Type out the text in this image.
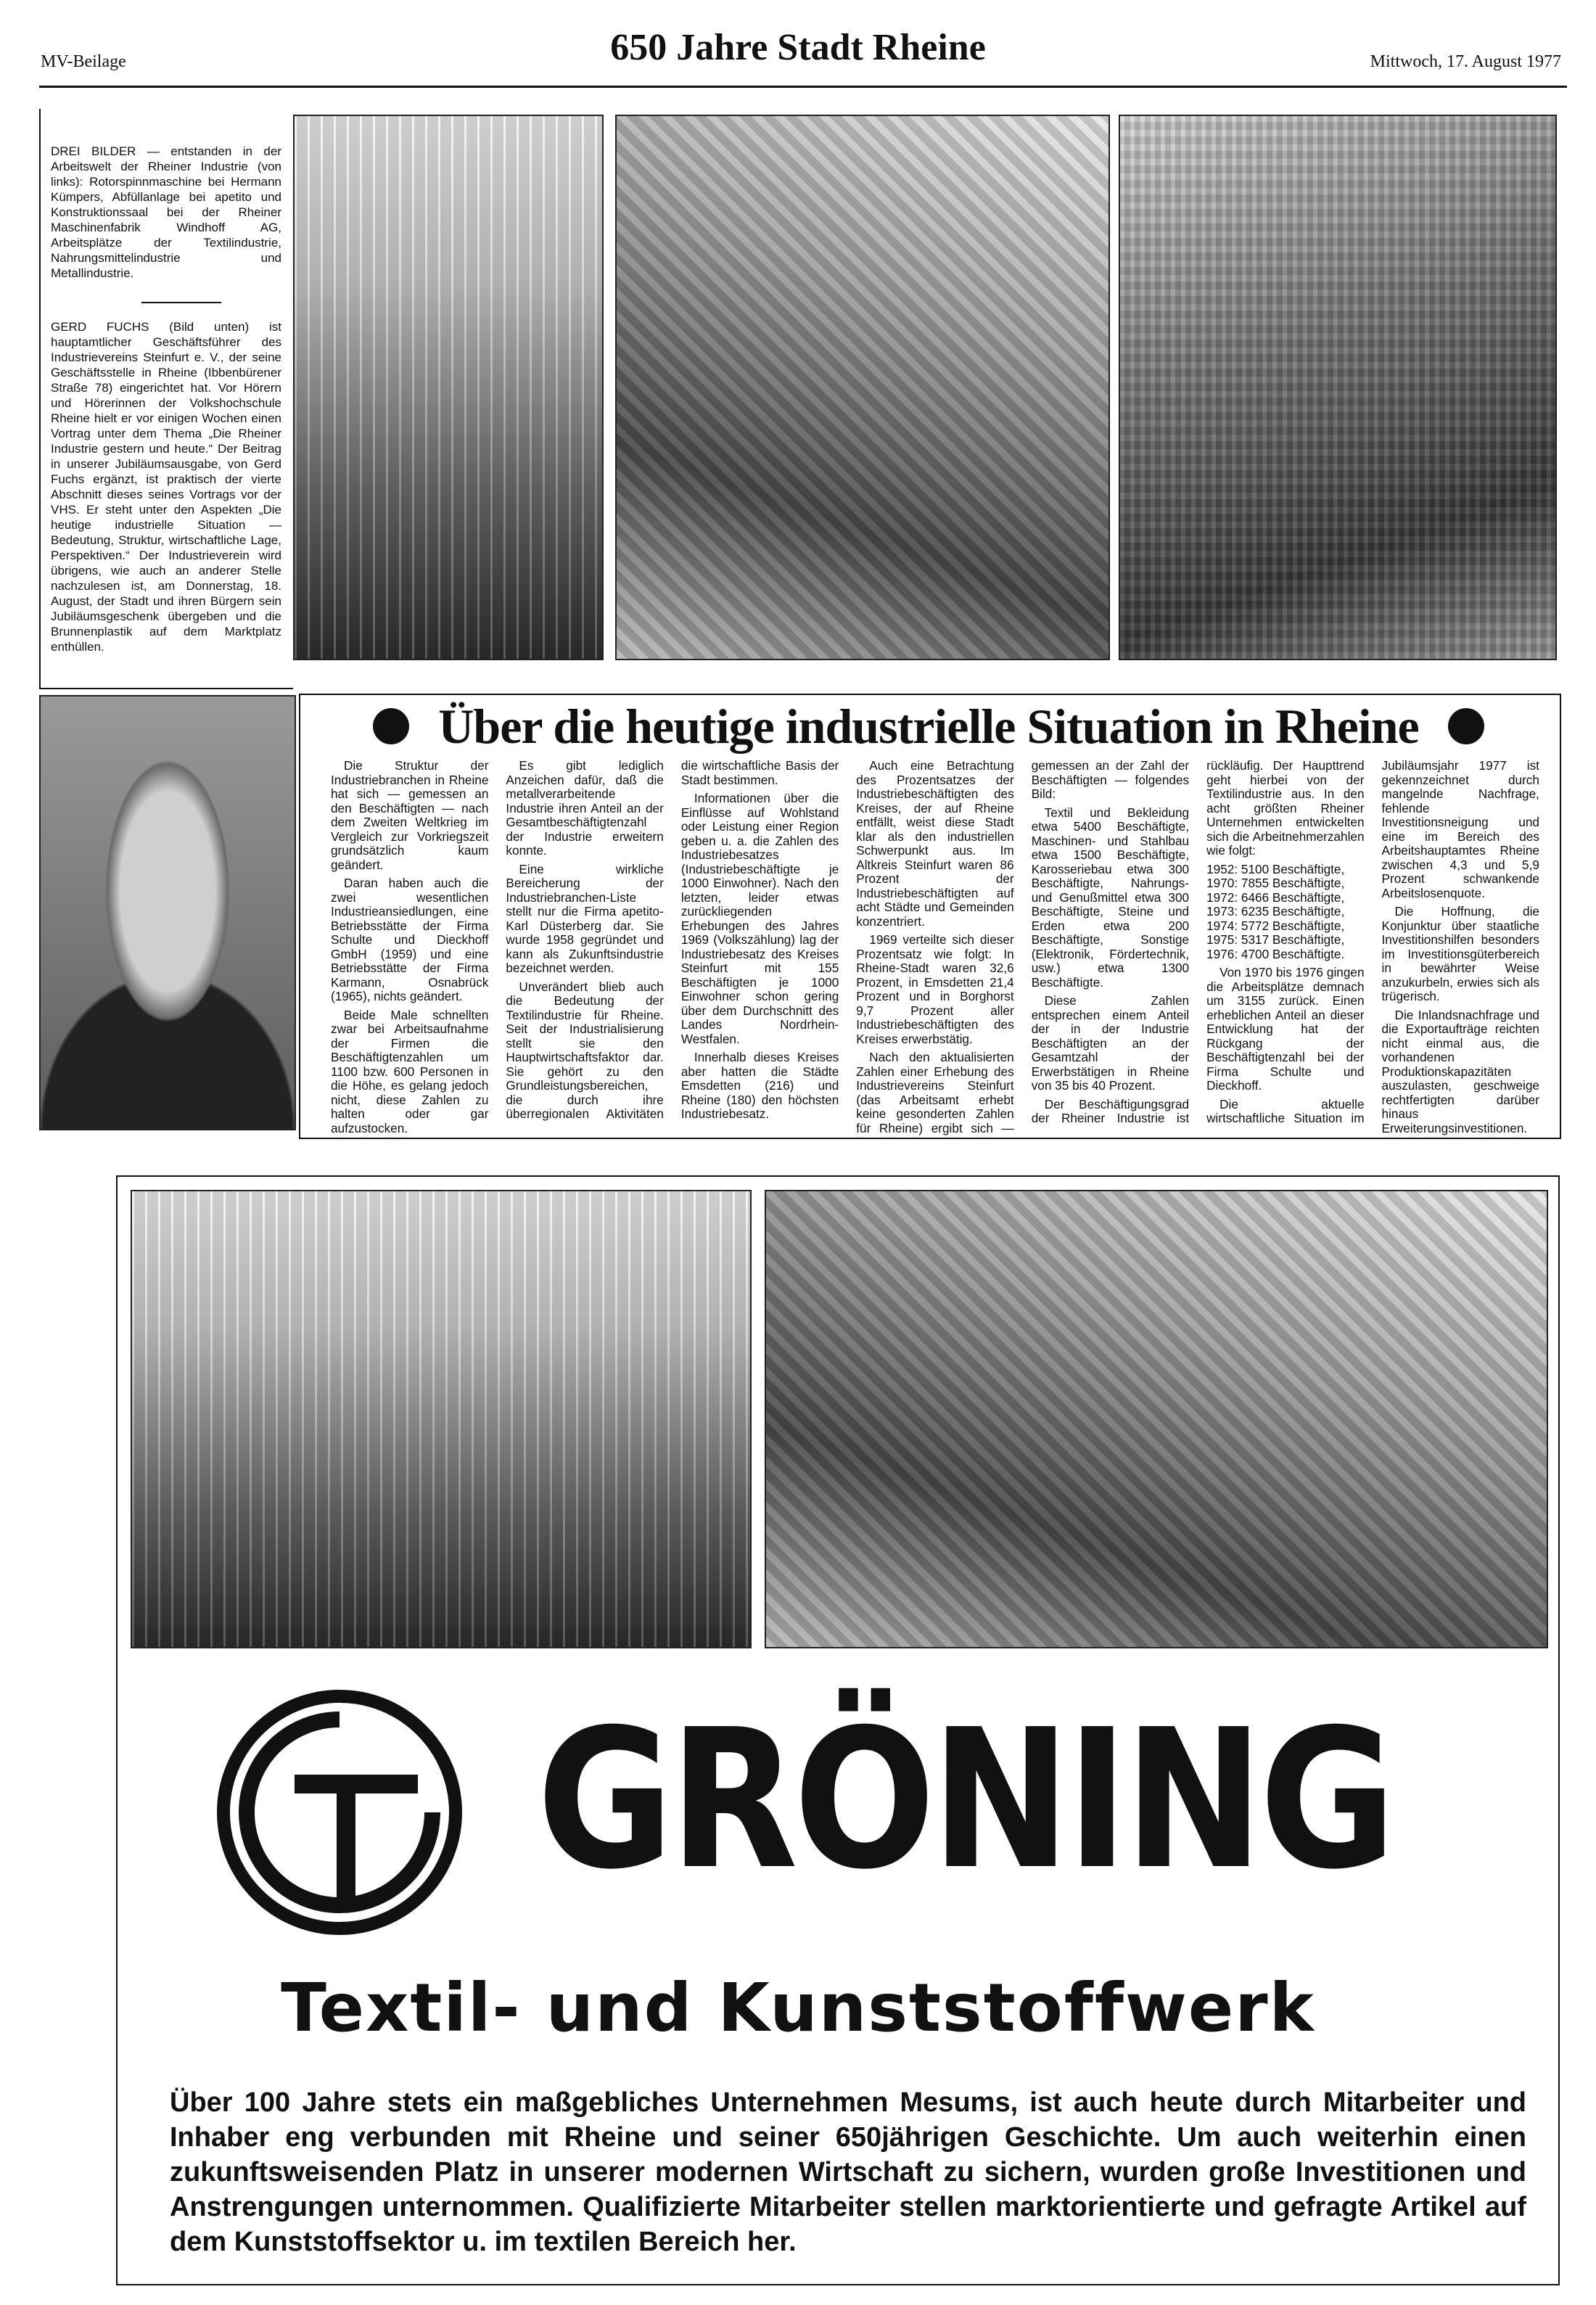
MV-Beilage	650 Jahre Stadt Rheine	Mittwoch, 17. August 1977

DREI BILDER — entstanden in der Arbeitswelt der Rheiner Industrie (von links): Rotorspinnmaschine bei Hermann Kümpers, Abfüllanlage bei apetito und Konstruktionssaal bei der Rheiner Maschinenfabrik Windhoff AG, Arbeitsplätze der Textilindustrie, Nahrungsmittelindustrie und Metallindustrie.

GERD FUCHS (Bild unten) ist hauptamtlicher Geschäftsführer des Industrievereins Steinfurt e. V., der seine Geschäftsstelle in Rheine (Ibbenbürener Straße 78) eingerichtet hat. Vor Hörern und Hörerinnen der Volkshochschule Rheine hielt er vor einigen Wochen einen Vortrag unter dem Thema „Die Rheiner Industrie gestern und heute.“ Der Beitrag in unserer Jubiläumsausgabe, von Gerd Fuchs ergänzt, ist praktisch der vierte Abschnitt dieses seines Vortrags vor der VHS. Er steht unter den Aspekten „Die heutige industrielle Situation — Bedeutung, Struktur, wirtschaftliche Lage, Perspektiven.“ Der Industrieverein wird übrigens, wie auch an anderer Stelle nachzulesen ist, am Donnerstag, 18. August, der Stadt und ihren Bürgern sein Jubiläumsgeschenk übergeben und die Brunnenplastik auf dem Marktplatz enthüllen.

Über die heutige industrielle Situation in Rheine

Die Struktur der Industriebranchen in Rheine hat sich — gemessen an den Beschäftigten — nach dem Zweiten Weltkrieg im Vergleich zur Vorkriegszeit grundsätzlich kaum geändert.

Daran haben auch die zwei wesentlichen Industrieansiedlungen, eine Betriebsstätte der Firma Schulte und Dieckhoff GmbH (1959) und eine Betriebsstätte der Firma Karmann, Osnabrück (1965), nichts geändert.

Beide Male schnellten zwar bei Arbeitsaufnahme der Firmen die Beschäftigtenzahlen um 1100 bzw. 600 Personen in die Höhe, es gelang jedoch nicht, diese Zahlen zu halten oder gar aufzustocken.

Es gibt lediglich Anzeichen dafür, daß die metallverarbeitende Industrie ihren Anteil an der Gesamtbeschäftigtenzahl der Industrie erweitern konnte.

Eine wirkliche Bereicherung der Industriebranchen-Liste stellt nur die Firma apetito-Karl Düsterberg dar. Sie wurde 1958 gegründet und kann als Zukunftsindustrie bezeichnet werden.

Unverändert blieb auch die Bedeutung der Textilindustrie für Rheine. Seit der Industrialisierung stellt sie den Hauptwirtschaftsfaktor dar. Sie gehört zu den Grundleistungsbereichen, die durch ihre überregionalen Aktivitäten die wirtschaftliche Basis der Stadt bestimmen.

Informationen über die Einflüsse auf Wohlstand oder Leistung einer Region geben u. a. die Zahlen des Industriebesatzes (Industriebeschäftigte je 1000 Einwohner). Nach den letzten, leider etwas zurückliegenden Erhebungen des Jahres 1969 (Volkszählung) lag der Industriebesatz des Kreises Steinfurt mit 155 Beschäftigten je 1000 Einwohner schon gering über dem Durchschnitt des Landes Nordrhein-Westfalen.

Innerhalb dieses Kreises aber hatten die Städte Emsdetten (216) und Rheine (180) den höchsten Industriebesatz.

Auch eine Betrachtung des Prozentsatzes der Industriebeschäftigten des Kreises, der auf Rheine entfällt, weist diese Stadt klar als den industriellen Schwerpunkt aus. Im Altkreis Steinfurt waren 86 Prozent der Industriebeschäftigten auf acht Städte und Gemeinden konzentriert.

1969 verteilte sich dieser Prozentsatz wie folgt: In Rheine-Stadt waren 32,6 Prozent, in Emsdetten 21,4 Prozent und in Borghorst 9,7 Prozent aller Industriebeschäftigten des Kreises erwerbstätig.

Nach den aktualisierten Zahlen einer Erhebung des Industrievereins Steinfurt (das Arbeitsamt erhebt keine gesonderten Zahlen für Rheine) ergibt sich — gemessen an der Zahl der Beschäftigten — folgendes Bild:

Textil und Bekleidung etwa 5400 Beschäftigte, Maschinen- und Stahlbau etwa 1500 Beschäftigte, Karosseriebau etwa 300 Beschäftigte, Nahrungs- und Genußmittel etwa 300 Beschäftigte, Steine und Erden etwa 200 Beschäftigte, Sonstige (Elektronik, Fördertechnik, usw.) etwa 1300 Beschäftigte.

Diese Zahlen entsprechen einem Anteil der in der Industrie Beschäftigten an der Gesamtzahl der Erwerbstätigen in Rheine von 35 bis 40 Prozent.

Der Beschäftigungsgrad der Rheiner Industrie ist rückläufig. Der Haupttrend geht hierbei von der Textilindustrie aus. In den acht größten Rheiner Unternehmen entwickelten sich die Arbeitnehmerzahlen wie folgt:

1952: 5100 Beschäftigte,

1970: 7855 Beschäftigte,

1972: 6466 Beschäftigte,

1973: 6235 Beschäftigte,

1974: 5772 Beschäftigte,

1975: 5317 Beschäftigte,

1976: 4700 Beschäftigte.

Von 1970 bis 1976 gingen die Arbeitsplätze demnach um 3155 zurück. Einen erheblichen Anteil an dieser Entwicklung hat der Rückgang der Beschäftigtenzahl bei der Firma Schulte und Dieckhoff.

Die aktuelle wirtschaftliche Situation im Jubiläumsjahr 1977 ist gekennzeichnet durch mangelnde Nachfrage, fehlende Investitionsneigung und eine im Bereich des Arbeitshauptamtes Rheine zwischen 4,3 und 5,9 Prozent schwankende Arbeitslosenquote.

Die Hoffnung, die Konjunktur über staatliche Investitionshilfen besonders im Investitionsgüterbereich in bewährter Weise anzukurbeln, erwies sich als trügerisch.

Die Inlandsnachfrage und die Exportaufträge reichten nicht einmal aus, die vorhandenen Produktionskapazitäten auszulasten, geschweige rechtfertigten darüber hinaus Erweiterungsinvestitionen.

GRÖNING
Textil- und Kunststoffwerk
Über 100 Jahre stets ein maßgebliches Unternehmen Mesums, ist auch heute durch Mitarbeiter und Inhaber eng verbunden mit Rheine und seiner 650jährigen Geschichte. Um auch weiterhin einen zukunftsweisenden Platz in unserer modernen Wirtschaft zu sichern, wurden große Investitionen und Anstrengungen unternommen. Qualifizierte Mitarbeiter stellen marktorientierte und gefragte Artikel auf dem Kunststoffsektor u. im textilen Bereich her.
